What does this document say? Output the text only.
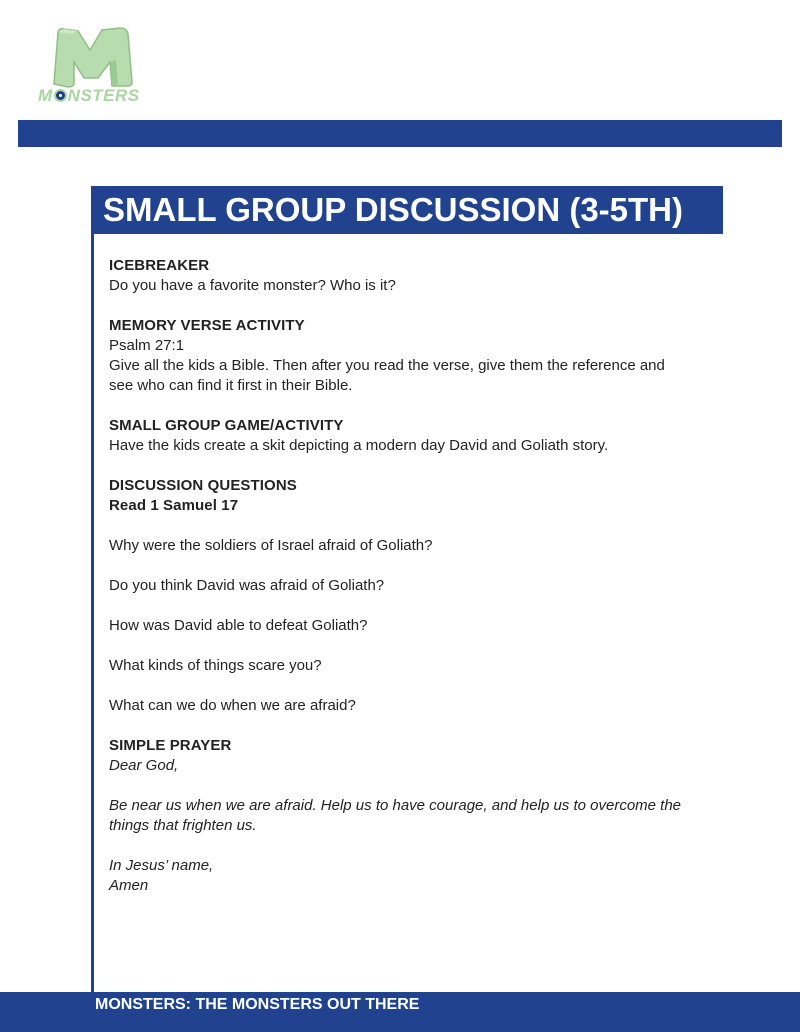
M NSTERS
SMALL GROUP DISCUSSION (3-5TH)

ICEBREAKER

Do you have a favorite monster? Who is it?

MEMORY VERSE ACTIVITY

Psalm 27:1

Give all the kids a Bible. Then after you read the verse, give them the reference and

see who can find it first in their Bible.

SMALL GROUP GAME/ACTIVITY

Have the kids create a skit depicting a modern day David and Goliath story.

DISCUSSION QUESTIONS

Read 1 Samuel 17

Why were the soldiers of Israel afraid of Goliath?

Do you think David was afraid of Goliath?

How was David able to defeat Goliath?

What kinds of things scare you?

What can we do when we are afraid?

SIMPLE PRAYER

Dear God,

Be near us when we are afraid. Help us to have courage, and help us to overcome the

things that frighten us.

In Jesus’ name,

Amen

MONSTERS: THE MONSTERS OUT THERE
